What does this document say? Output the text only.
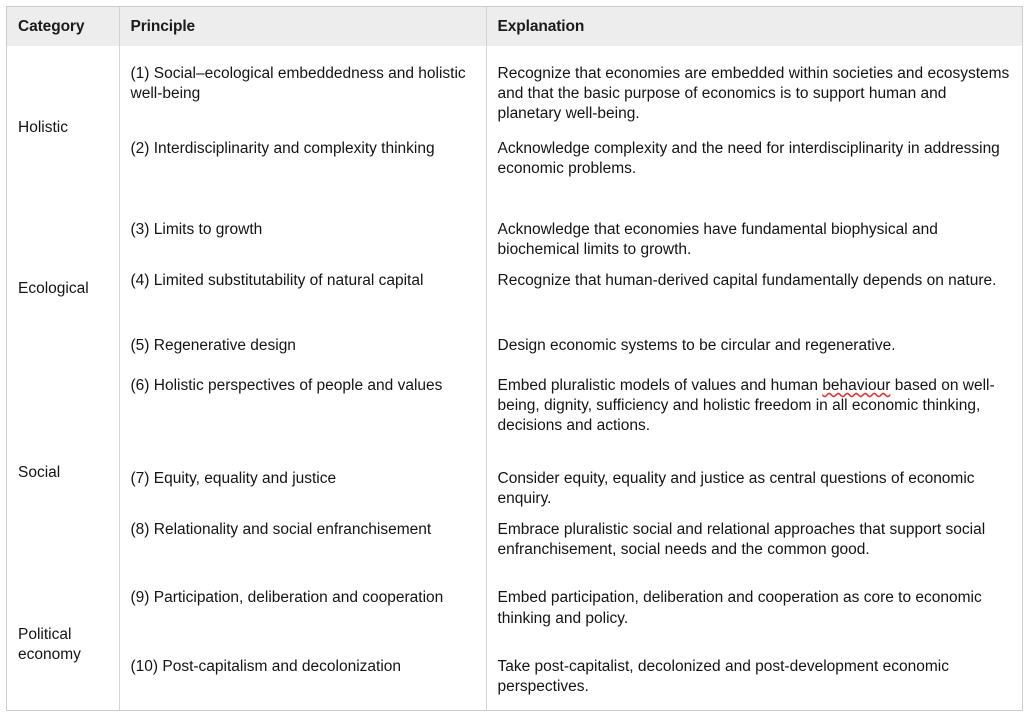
Category	Principle	Explanation
Holistic	(1) Social–ecological embeddedness and holistic well-being	Recognize that economies are embedded within societies and ecosystems and that the basic purpose of economics is to support human and planetary well-being.

	(2) Interdisciplinarity and complexity thinking	Acknowledge complexity and the need for interdisciplinarity in addressing economic problems.

Ecological	(3) Limits to growth	Acknowledge that economies have fundamental biophysical and biochemical limits to growth.

	(4) Limited substitutability of natural capital	Recognize that human-derived capital fundamentally depends on nature.

	(5) Regenerative design	Design economic systems to be circular and regenerative.

Social	(6) Holistic perspectives of people and values	Embed pluralistic models of values and human behaviour based on well-being, dignity, sufficiency and holistic freedom in all economic thinking, decisions and actions.

	(7) Equity, equality and justice	Consider equity, equality and justice as central questions of economic enquiry.

	(8) Relationality and social enfranchisement	Embrace pluralistic social and relational approaches that support social enfranchisement, social needs and the common good.

Political economy	(9) Participation, deliberation and cooperation	Embed participation, deliberation and cooperation as core to economic thinking and policy.

	(10) Post-capitalism and decolonization	Take post-capitalist, decolonized and post-development economic perspectives.
